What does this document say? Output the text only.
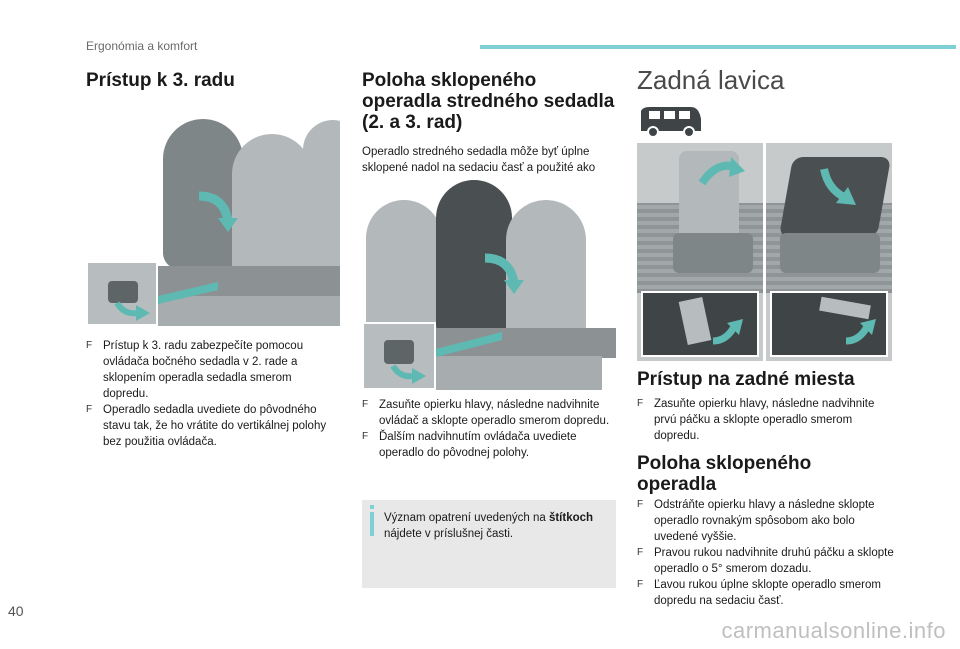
Ergonómia a komfort
Prístup k 3. radu
F Prístup k 3. radu zabezpečíte pomocou ovládača bočného sedadla v 2. rade a sklopením operadla sedadla smerom dopredu.
F Operadlo sedadla uvediete do pôvodného stavu tak, že ho vrátite do vertikálnej polohy bez použitia ovládača.
Poloha sklopeného operadla stredného sedadla (2. a 3. rad)

Operadlo stredného sedadla môže byť úplne sklopené nadol na sedaciu časť a použité ako

F Zasuňte opierku hlavy, následne nadvihnite ovládač a sklopte operadlo smerom dopredu.
F Ďalším nadvihnutím ovládača uvediete operadlo do pôvodnej polohy.
Význam opatrení uvedených na štítkoch nájdete v príslušnej časti.
Zadná lavica
Prístup na zadné miesta
F Zasuňte opierku hlavy, následne nadvihnite prvú páčku a sklopte operadlo smerom dopredu.
Poloha sklopeného operadla
F Odstráňte opierku hlavy a následne sklopte operadlo rovnakým spôsobom ako bolo uvedené vyššie.
F Pravou rukou nadvihnite druhú páčku a sklopte operadlo o 5° smerom dozadu.
F Ľavou rukou úplne sklopte operadlo smerom dopredu na sedaciu časť.
40
carmanualsonline.info
